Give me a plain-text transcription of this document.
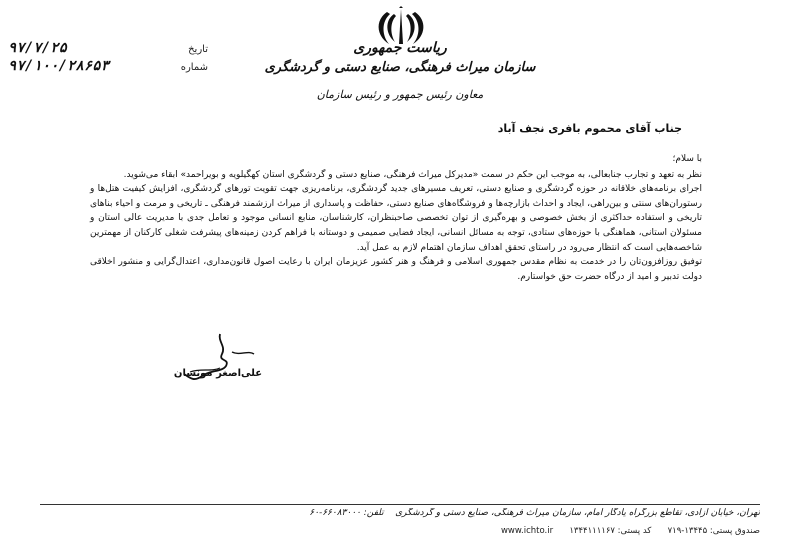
ریاست جمهوری
سازمان میراث فرهنگی، صنایع دستی و گردشگری
معاون رئیس جمهور و رئیس سازمان
۹۷/۷/۲۵	تاریخ
۹۷/۱۰۰/۲۸۶۵۳	شماره
جناب آقای محموم بافری نجف آباد

با سلام؛

نظر به تعهد و تجارب جنابعالی، به موجب این حکم در سمت «مدیرکل میراث فرهنگی، صنایع دستی و گردشگری استان کهگیلویه و بویراحمد» ابقاء می‌شوید.

اجرای برنامه‌های خلاقانه در حوزه گردشگری و صنایع دستی، تعریف مسیرهای جدید گردشگری، برنامه‌ریزی جهت تقویت تورهای گردشگری، افزایش کیفیت هتل‌ها و رستوران‌های سنتی و بین‌راهی، ایجاد و احداث بازارچه‌ها و فروشگاه‌های صنایع دستی، حفاظت و پاسداری از میراث ارزشمند فرهنگی ـ تاریخی و مرمت و احیاء بناهای تاریخی و استفاده حداکثری از بخش خصوصی و بهره‌گیری از توان تخصصی صاحبنظران، کارشناسان، منابع انسانی موجود و تعامل جدی با مدیریت عالی استان و مسئولان استانی، هماهنگی با حوزه‌های ستادی، توجه به مسائل انسانی، ایجاد فضایی صمیمی و دوستانه با فراهم کردن زمینه‌های پیشرفت شغلی کارکنان از مهمترین شاخصه‌هایی است که انتظار می‌رود در راستای تحقق اهداف سازمان اهتمام لازم به عمل آید.

توفیق روزافزون‌تان را در خدمت به نظام مقدس جمهوری اسلامی و فرهنگ و هنر کشور عزیزمان ایران با رعایت اصول قانون‌مداری، اعتدال‌گرایی و منشور اخلاقی دولت تدبیر و امید از درگاه حضرت حق خواستارم.

علی‌اصغر مونسان
تهران، خیابان آزادی، تقاطع بزرگراه یادگار امام، سازمان میراث فرهنگی، صنایع دستی و گردشگری    تلفن: ۶۶۰۸۳۰۰۰-۶۰
صندوق پستی: ۱۳۴۴۵-۷۱۹      کد پستی: ۱۳۴۴۱۱۱۱۶۷      www.ichto.ir
